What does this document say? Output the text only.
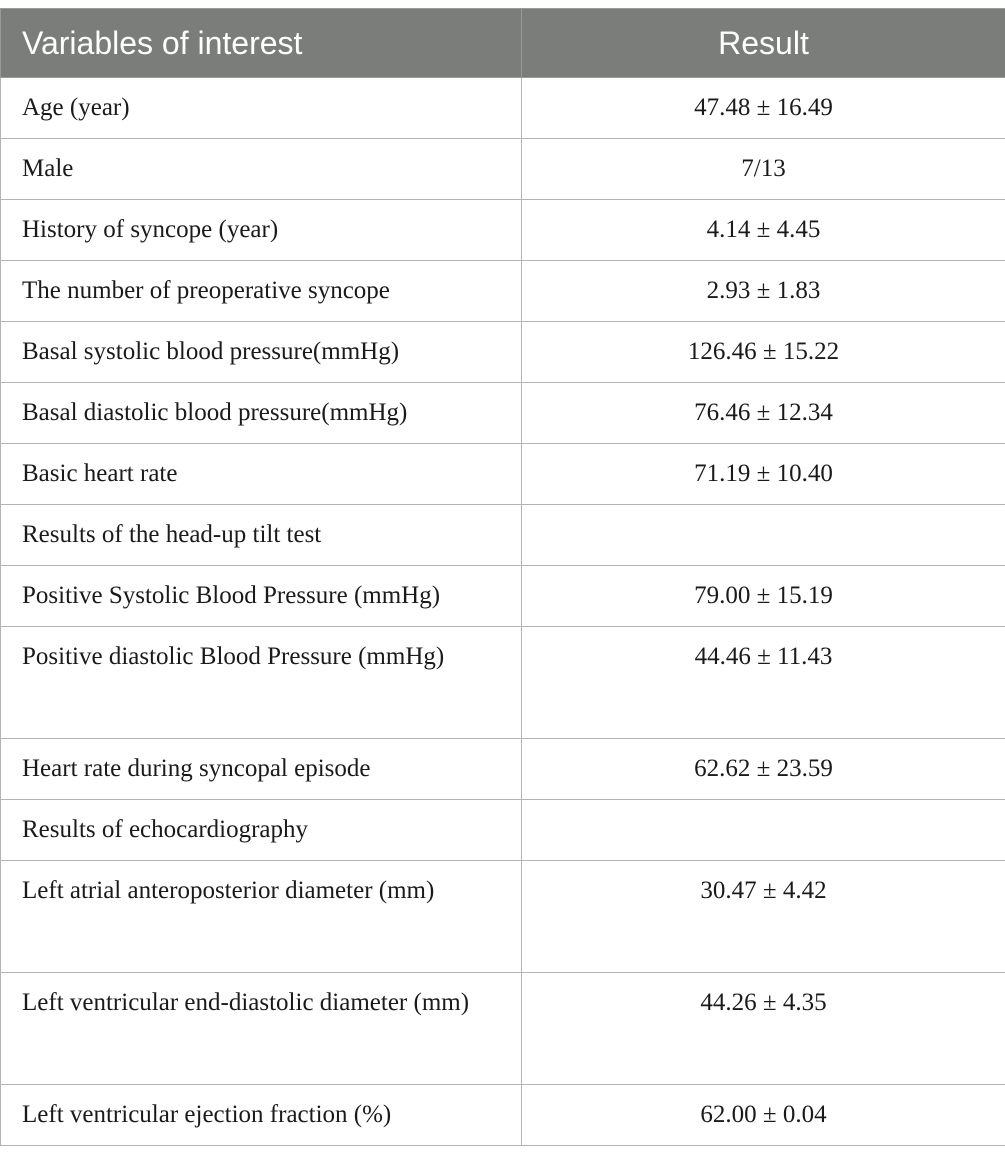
Variables of interest	Result
Age (year)	47.48 ± 16.49
Male	7/13
History of syncope (year)	4.14 ± 4.45
The number of preoperative syncope	2.93 ± 1.83
Basal systolic blood pressure(mmHg)	126.46 ± 15.22
Basal diastolic blood pressure(mmHg)	76.46 ± 12.34
Basic heart rate	71.19 ± 10.40
Results of the head-up tilt test	
Positive Systolic Blood Pressure (mmHg)	79.00 ± 15.19
Positive diastolic Blood Pressure (mmHg)	44.46 ± 11.43
Heart rate during syncopal episode	62.62 ± 23.59
Results of echocardiography	
Left atrial anteroposterior diameter (mm)	30.47 ± 4.42
Left ventricular end-diastolic diameter (mm)	44.26 ± 4.35
Left ventricular ejection fraction (%)	62.00 ± 0.04
